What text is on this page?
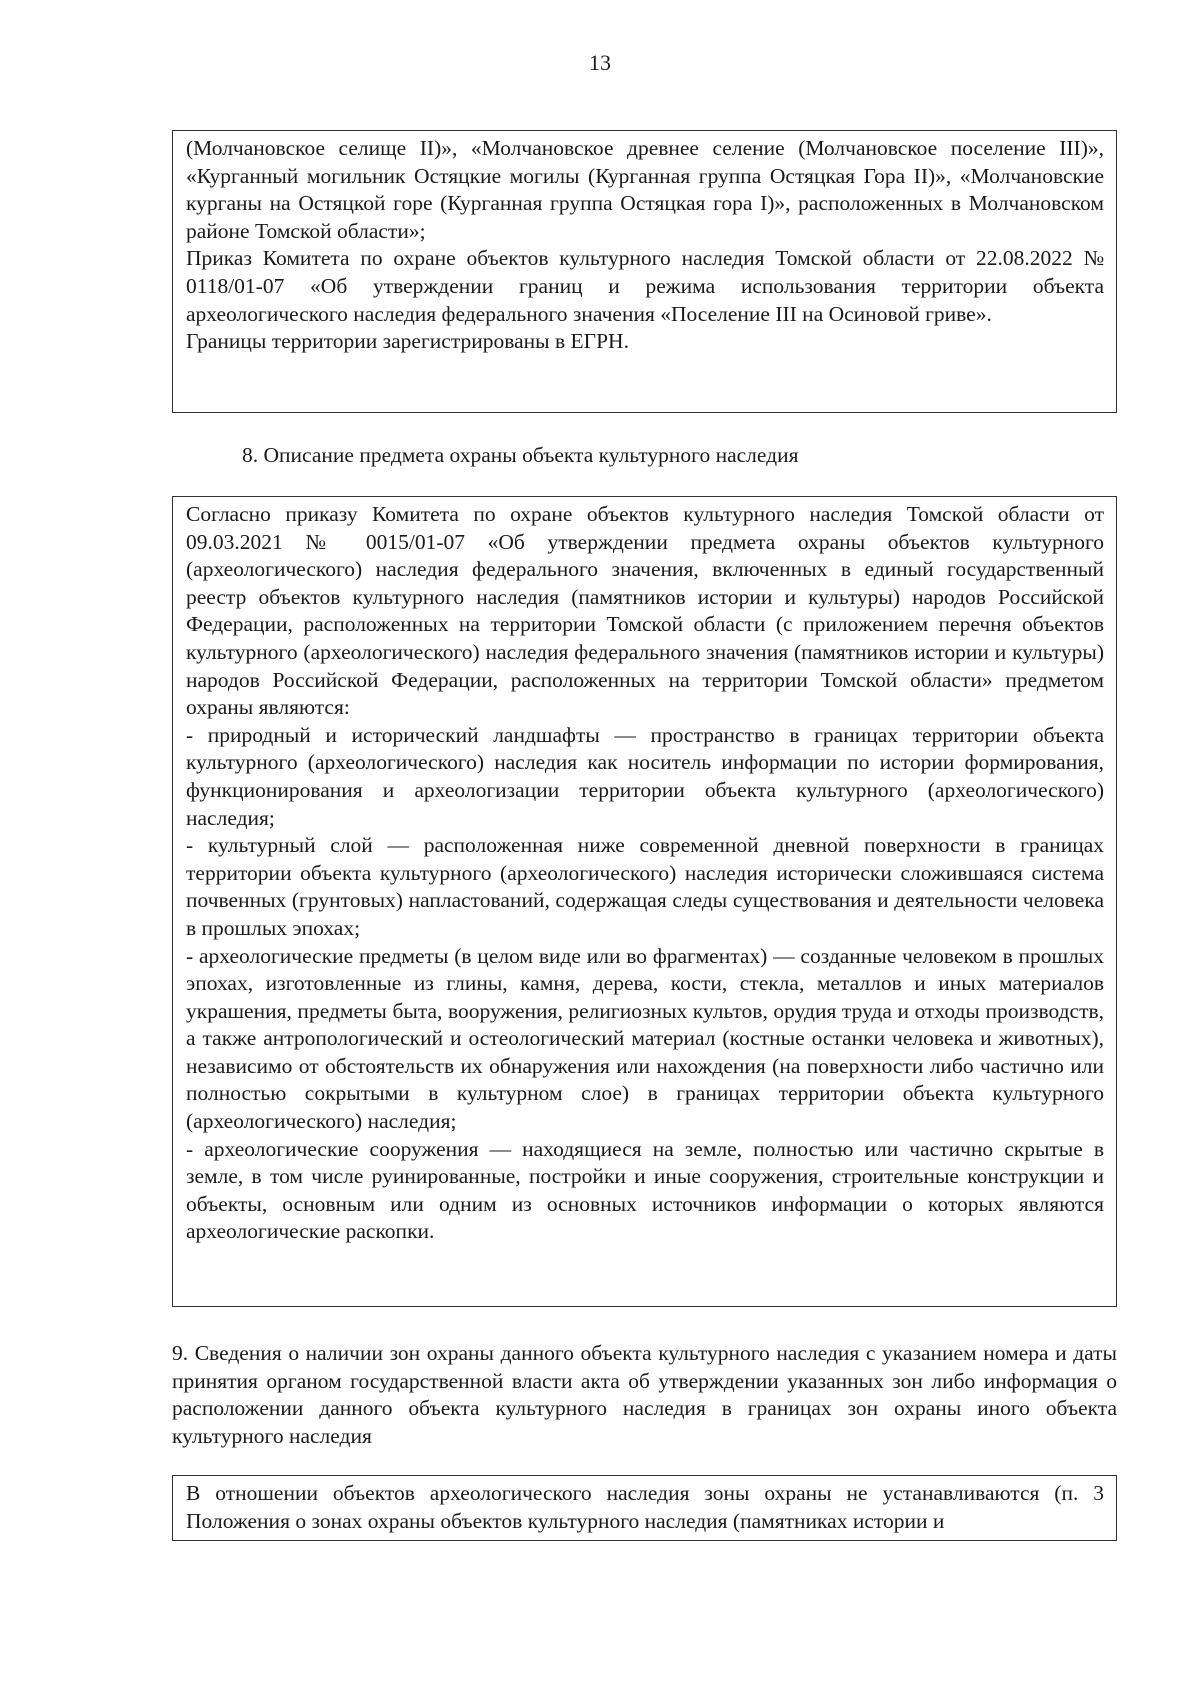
13

(Молчановское селище II)», «Молчановское древнее селение (Молчановское поселение III)», «Курганный могильник Остяцкие могилы (Курганная группа Остяцкая Гора II)», «Молчановские курганы на Остяцкой горе (Курганная группа Остяцкая гора I)», расположенных в Молчановском районе Томской области»;

Приказ Комитета по охране объектов культурного наследия Томской области от 22.08.2022 № 0118/01-07 «Об утверждении границ и режима использования территории объекта археологического наследия федерального значения «Поселение III на Осиновой гриве».

Границы территории зарегистрированы в ЕГРН.

8. Описание предмета охраны объекта культурного наследия

Согласно приказу Комитета по охране объектов культурного наследия Томской области от 09.03.2021 № 0015/01-07 «Об утверждении предмета охраны объектов культурного (археологического) наследия федерального значения, включенных в единый государственный реестр объектов культурного наследия (памятников истории и культуры) народов Российской Федерации, расположенных на территории Томской области (с приложением перечня объектов культурного (археологического) наследия федерального значения (памятников истории и культуры) народов Российской Федерации, расположенных на территории Томской области» предметом охраны являются:

- природный и исторический ландшафты — пространство в границах территории объекта культурного (археологического) наследия как носитель информации по истории формирования, функционирования и археологизации территории объекта культурного (археологического) наследия;

- культурный слой — расположенная ниже современной дневной поверхности в границах территории объекта культурного (археологического) наследия исторически сложившаяся система почвенных (грунтовых) напластований, содержащая следы существования и деятельности человека в прошлых эпохах;

- археологические предметы (в целом виде или во фрагментах) — созданные человеком в прошлых эпохах, изготовленные из глины, камня, дерева, кости, стекла, металлов и иных материалов украшения, предметы быта, вооружения, религиозных культов, орудия труда и отходы производств, а также антропологический и остеологический материал (костные останки человека и животных), независимо от обстоятельств их обнаружения или нахождения (на поверхности либо частично или полностью сокрытыми в культурном слое) в границах территории объекта культурного (археологического) наследия;

- археологические сооружения — находящиеся на земле, полностью или частично скрытые в земле, в том числе руинированные, постройки и иные сооружения, строительные конструкции и объекты, основным или одним из основных источников информации о которых являются археологические раскопки.

9. Сведения о наличии зон охраны данного объекта культурного наследия с указанием номера и даты принятия органом государственной власти акта об утверждении указанных зон либо информация о расположении данного объекта культурного наследия в границах зон охраны иного объекта культурного наследия

В отношении объектов археологического наследия зоны охраны не устанавливаются (п. 3 Положения о зонах охраны объектов культурного наследия (памятниках истории и
